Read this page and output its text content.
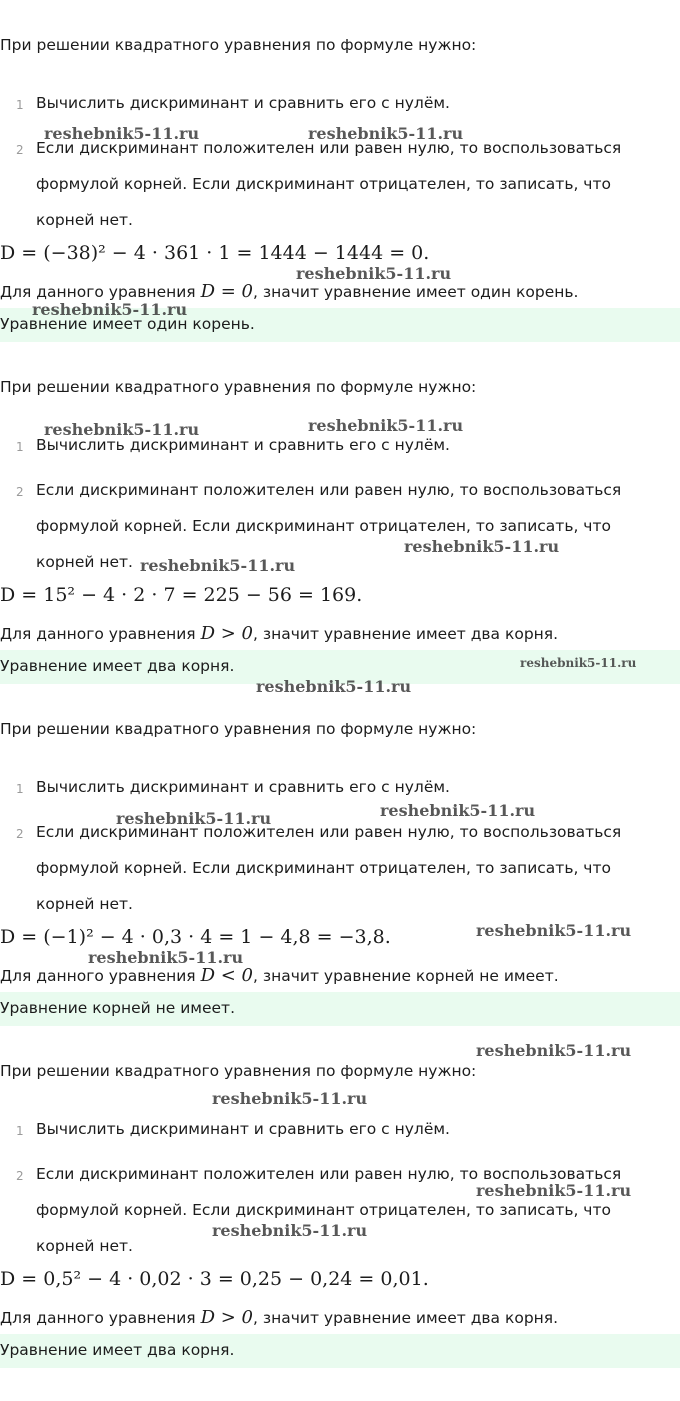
При решении квадратного уравнения по формуле нужно:
1 Вычислить дискриминант и сравнить его с нулём.
2 Если дискриминант положителен или равен нулю, то воспользоваться
формулой корней. Если дискриминант отрицателен, то записать, что
корней нет.
D = (−38)² − 4 · 361 · 1 = 1444 − 1444 = 0.
Для данного уравнения D = 0, значит уравнение имеет один корень.
Уравнение имеет один корень.
При решении квадратного уравнения по формуле нужно:
1 Вычислить дискриминант и сравнить его с нулём.
2 Если дискриминант положителен или равен нулю, то воспользоваться
формулой корней. Если дискриминант отрицателен, то записать, что
корней нет.
D = 15² − 4 · 2 · 7 = 225 − 56 = 169.
Для данного уравнения D > 0, значит уравнение имеет два корня.
Уравнение имеет два корня.
При решении квадратного уравнения по формуле нужно:
1 Вычислить дискриминант и сравнить его с нулём.
2 Если дискриминант положителен или равен нулю, то воспользоваться
формулой корней. Если дискриминант отрицателен, то записать, что
корней нет.
D = (−1)² − 4 · 0,3 · 4 = 1 − 4,8 = −3,8.
Для данного уравнения D < 0, значит уравнение корней не имеет.
Уравнение корней не имеет.
При решении квадратного уравнения по формуле нужно:
1 Вычислить дискриминант и сравнить его с нулём.
2 Если дискриминант положителен или равен нулю, то воспользоваться
формулой корней. Если дискриминант отрицателен, то записать, что
корней нет.
D = 0,5² − 4 · 0,02 · 3 = 0,25 − 0,24 = 0,01.
Для данного уравнения D > 0, значит уравнение имеет два корня.
Уравнение имеет два корня.
reshebnik5-11.ru	reshebnik5-11.ru
reshebnik5-11.ru
reshebnik5-11.ru
reshebnik5-11.ru	reshebnik5-11.ru
reshebnik5-11.ru
reshebnik5-11.ru
reshebnik5-11.ru
reshebnik5-11.ru
reshebnik5-11.ru	reshebnik5-11.ru
reshebnik5-11.ru
reshebnik5-11.ru
reshebnik5-11.ru
reshebnik5-11.ru
reshebnik5-11.ru
reshebnik5-11.ru
